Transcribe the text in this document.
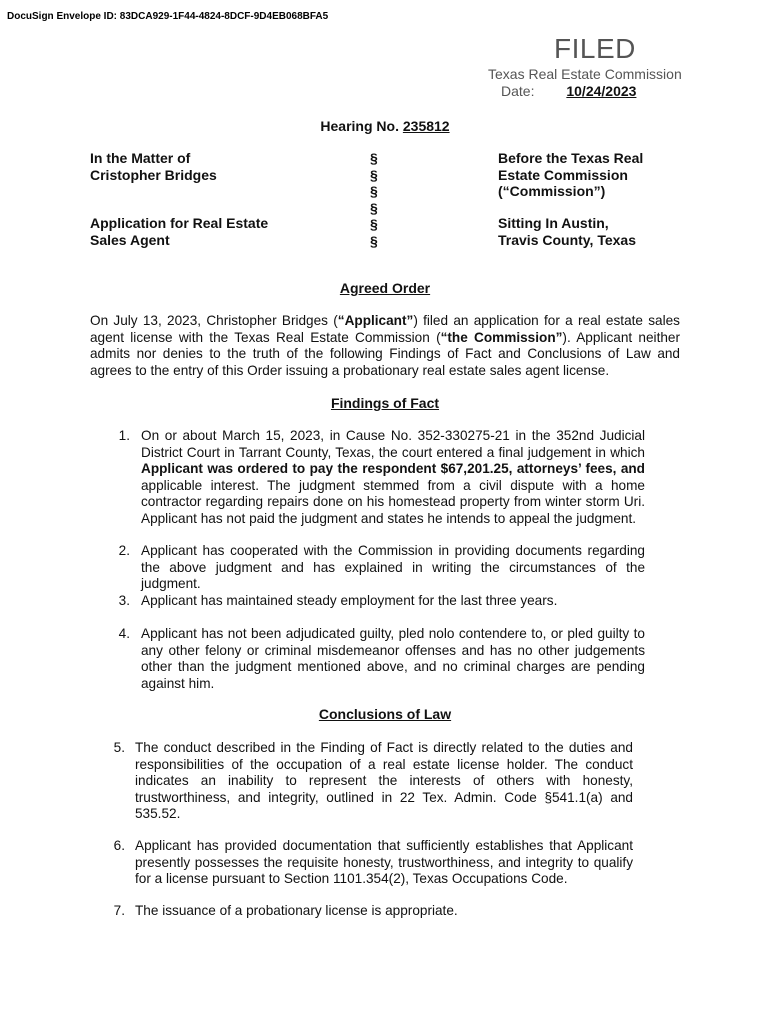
DocuSign Envelope ID: 83DCA929-1F44-4824-8DCF-9D4EB068BFA5
FILED
Texas Real Estate Commission
Date: 10/24/2023
Hearing No. 235812
In the Matter of
Cristopher Bridges
Application for Real Estate
Sales Agent
§
§
§
§
§
§
Before the Texas Real
Estate Commission
(“Commission”)
Sitting In Austin,
Travis County, Texas
Agreed Order
On July 13, 2023, Christopher Bridges (“Applicant”) filed an application for a real estate sales agent license with the Texas Real Estate Commission (“the Commission”). Applicant neither admits nor denies to the truth of the following Findings of Fact and Conclusions of Law and agrees to the entry of this Order issuing a probationary real estate sales agent license.
Findings of Fact
1. On or about March 15, 2023, in Cause No. 352-330275-21 in the 352nd Judicial District Court in Tarrant County, Texas, the court entered a final judgement in which Applicant was ordered to pay the respondent $67,201.25, attorneys’ fees, and applicable interest. The judgment stemmed from a civil dispute with a home contractor regarding repairs done on his homestead property from winter storm Uri. Applicant has not paid the judgment and states he intends to appeal the judgment.
2. Applicant has cooperated with the Commission in providing documents regarding the above judgment and has explained in writing the circumstances of the judgment.
3. Applicant has maintained steady employment for the last three years.
4. Applicant has not been adjudicated guilty, pled nolo contendere to, or pled guilty to any other felony or criminal misdemeanor offenses and has no other judgements other than the judgment mentioned above, and no criminal charges are pending against him.
Conclusions of Law
5. The conduct described in the Finding of Fact is directly related to the duties and responsibilities of the occupation of a real estate license holder. The conduct indicates an inability to represent the interests of others with honesty, trustworthiness, and integrity, outlined in 22 Tex. Admin. Code §541.1(a) and 535.52.
6. Applicant has provided documentation that sufficiently establishes that Applicant presently possesses the requisite honesty, trustworthiness, and integrity to qualify for a license pursuant to Section 1101.354(2), Texas Occupations Code.
7. The issuance of a probationary license is appropriate.
